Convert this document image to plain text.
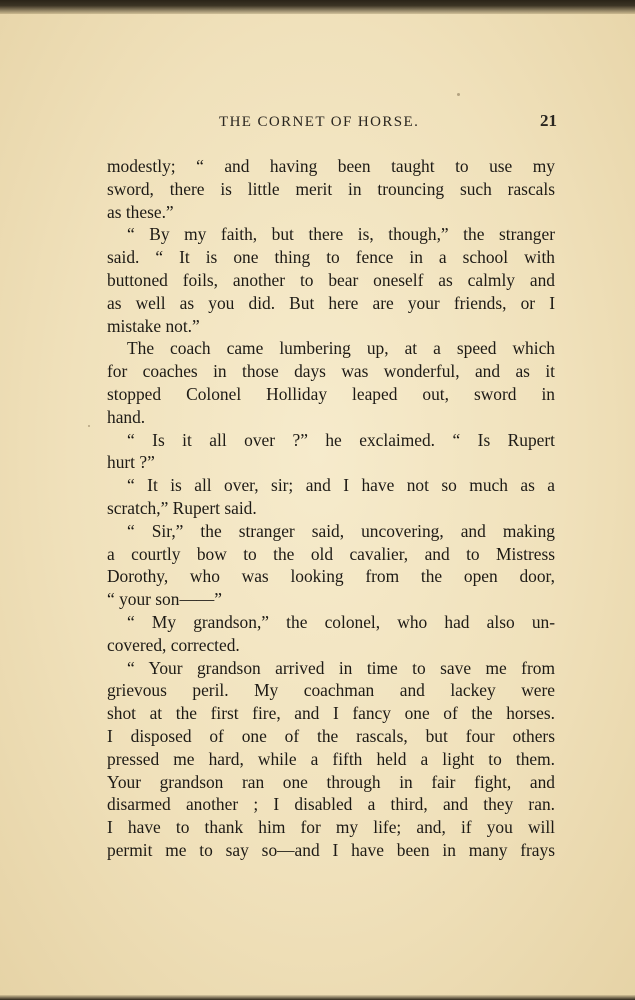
THE CORNET OF HORSE.	21
modestly; “ and having been taught to use my
sword, there is little merit in trouncing such rascals
as these.”
“ By my faith, but there is, though,” the stranger
said. “ It is one thing to fence in a school with
buttoned foils, another to bear oneself as calmly and
as well as you did. But here are your friends, or I
mistake not.”
The coach came lumbering up, at a speed which
for coaches in those days was wonderful, and as it
stopped Colonel Holliday leaped out, sword in
hand.
“ Is it all over ?” he exclaimed. “ Is Rupert
hurt ?”
“ It is all over, sir; and I have not so much as a
scratch,” Rupert said.
“ Sir,” the stranger said, uncovering, and making
a courtly bow to the old cavalier, and to Mistress
Dorothy, who was looking from the open door,
“ your son——”
“ My grandson,” the colonel, who had also un-
covered, corrected.
“ Your grandson arrived in time to save me from
grievous peril. My coachman and lackey were
shot at the first fire, and I fancy one of the horses.
I disposed of one of the rascals, but four others
pressed me hard, while a fifth held a light to them.
Your grandson ran one through in fair fight, and
disarmed another ; I disabled a third, and they ran.
I have to thank him for my life; and, if you will
permit me to say so—and I have been in many frays
